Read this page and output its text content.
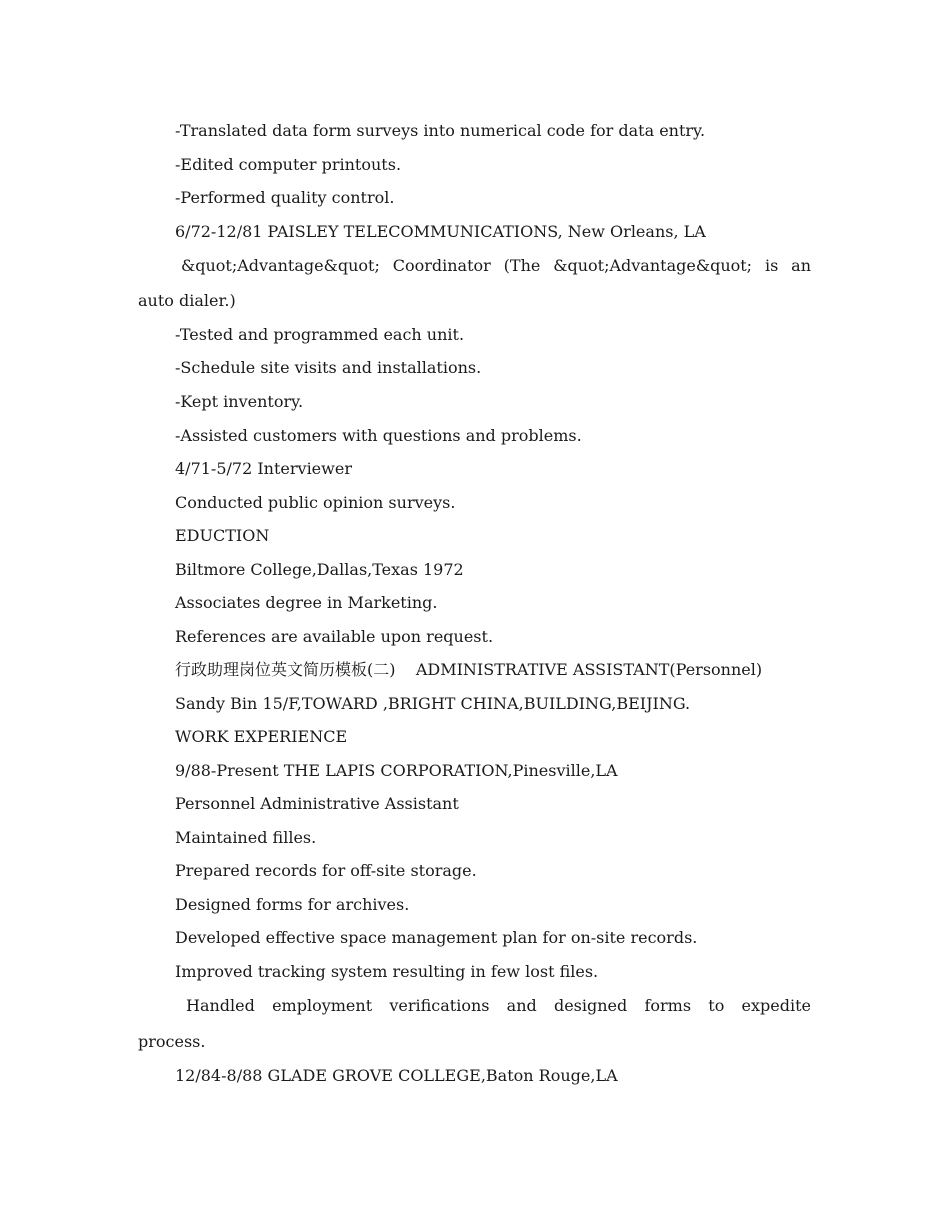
-Translated data form surveys into numerical code for data entry.
-Edited computer printouts.
-Performed quality control.
6/72-12/81 PAISLEY TELECOMMUNICATIONS, New Orleans, LA
&quot;Advantage&quot; Coordinator (The &quot;Advantage&quot; is an
auto dialer.)
-Tested and programmed each unit.
-Schedule site visits and installations.
-Kept inventory.
-Assisted customers with questions and problems.
4/71-5/72 Interviewer
Conducted public opinion surveys.
EDUCTION
Biltmore College,Dallas,Texas 1972
Associates degree in Marketing.
References are available upon request.
行政助理岗位英文简历模板(二)    ADMINISTRATIVE ASSISTANT(Personnel)
Sandy Bin 15/F,TOWARD ,BRIGHT CHINA,BUILDING,BEIJING.
WORK EXPERIENCE
9/88-Present THE LAPIS CORPORATION,Pinesville,LA
Personnel Administrative Assistant
Maintained filles.
Prepared records for off-site storage.
Designed forms for archives.
Developed effective space management plan for on-site records.
Improved tracking system resulting in few lost files.
Handled employment verifications and designed forms to expedite
process.
12/84-8/88 GLADE GROVE COLLEGE,Baton Rouge,LA
